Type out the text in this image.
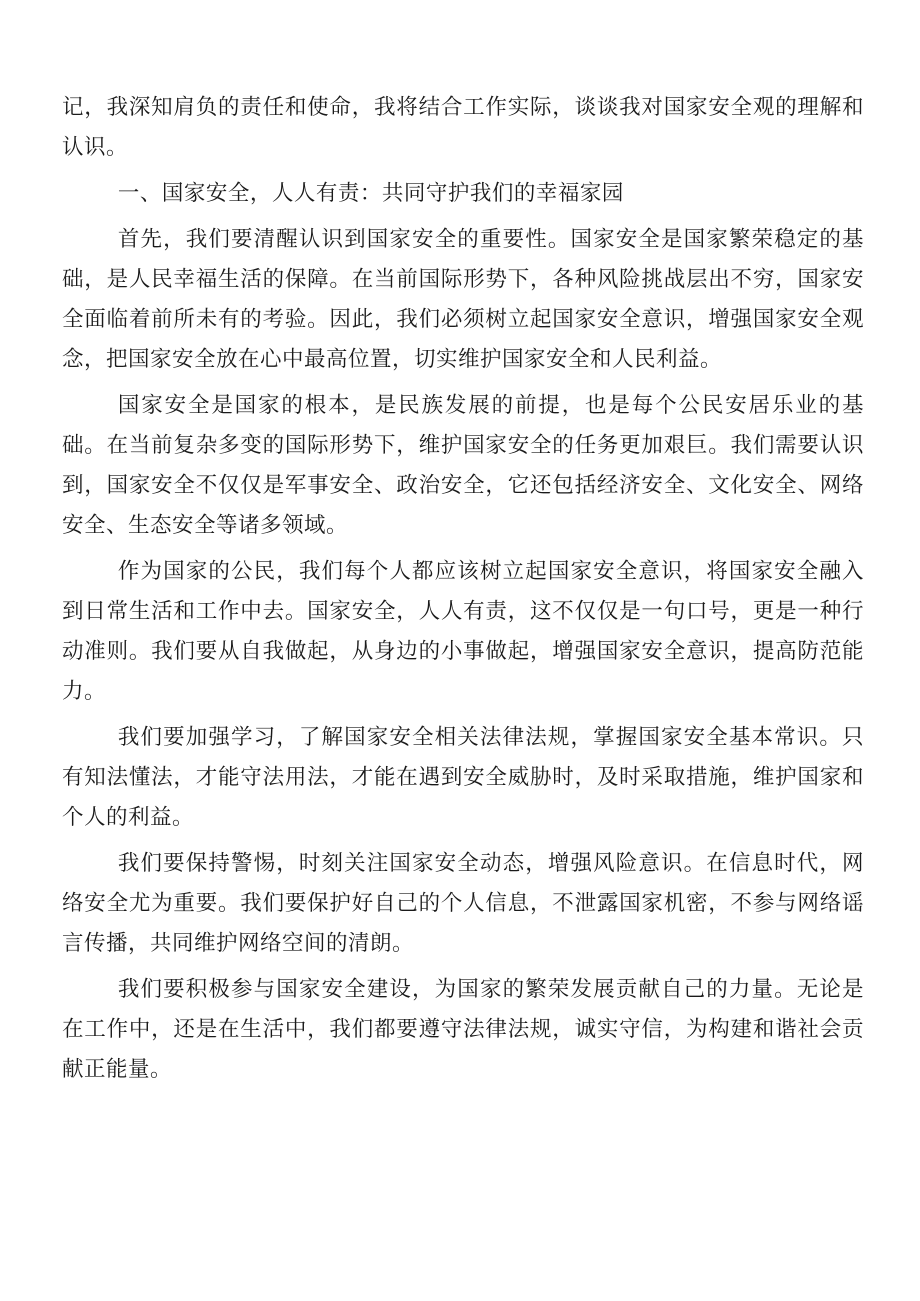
记，我深知肩负的责任和使命，我将结合工作实际，谈谈我对国家安全观的理解和认识。

一、国家安全，人人有责：共同守护我们的幸福家园

首先，我们要清醒认识到国家安全的重要性。国家安全是国家繁荣稳定的基础，是人民幸福生活的保障。在当前国际形势下，各种风险挑战层出不穷，国家安全面临着前所未有的考验。因此，我们必须树立起国家安全意识，增强国家安全观念，把国家安全放在心中最高位置，切实维护国家安全和人民利益。

国家安全是国家的根本，是民族发展的前提，也是每个公民安居乐业的基础。在当前复杂多变的国际形势下，维护国家安全的任务更加艰巨。我们需要认识到，国家安全不仅仅是军事安全、政治安全，它还包括经济安全、文化安全、网络安全、生态安全等诸多领域。

作为国家的公民，我们每个人都应该树立起国家安全意识，将国家安全融入到日常生活和工作中去。国家安全，人人有责，这不仅仅是一句口号，更是一种行动准则。我们要从自我做起，从身边的小事做起，增强国家安全意识，提高防范能力。

我们要加强学习，了解国家安全相关法律法规，掌握国家安全基本常识。只有知法懂法，才能守法用法，才能在遇到安全威胁时，及时采取措施，维护国家和个人的利益。

我们要保持警惕，时刻关注国家安全动态，增强风险意识。在信息时代，网络安全尤为重要。我们要保护好自己的个人信息，不泄露国家机密，不参与网络谣言传播，共同维护网络空间的清朗。

我们要积极参与国家安全建设，为国家的繁荣发展贡献自己的力量。无论是在工作中，还是在生活中，我们都要遵守法律法规，诚实守信，为构建和谐社会贡献正能量。
